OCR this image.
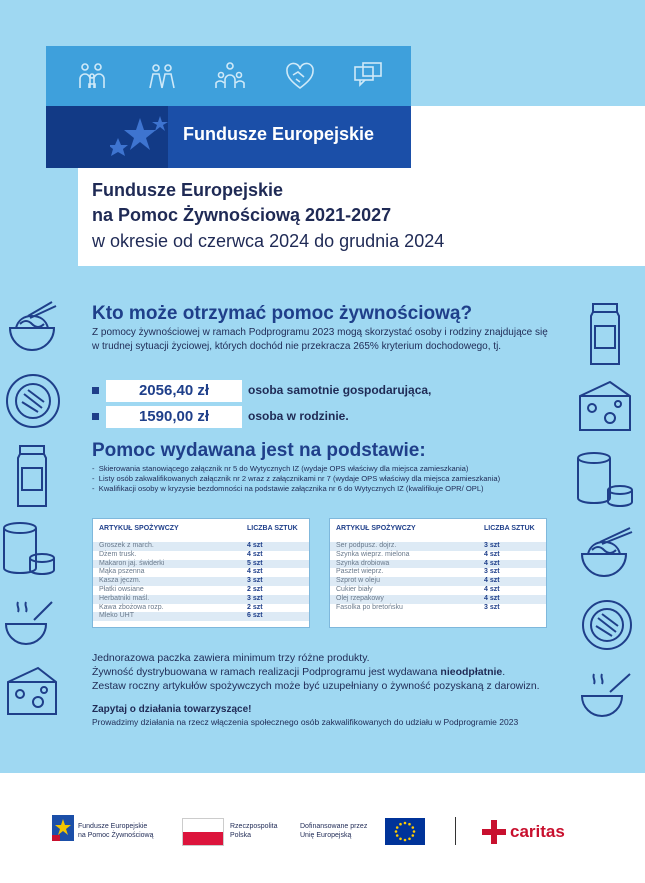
Fundusze Europejskie
Fundusze Europejskie
na Pomoc Żywnościową 2021-2027
w okresie od czerwca 2024 do grudnia 2024
Kto może otrzymać pomoc żywnościową?
Z pomocy żywnościowej w ramach Podprogramu 2023 mogą skorzystać osoby i rodziny znajdujące się w trudnej sytuacji życiowej, których dochód nie przekracza 265% kryterium dochodowego, tj.
2056,40 zł	osoba samotnie gospodarująca,
1590,00 zł	osoba w rodzinie.
Pomoc wydawana jest na podstawie:
-  Skierowania stanowiącego załącznik nr 5 do Wytycznych IZ (wydaje OPS właściwy dla miejsca zamieszkania)
-  Listy osób zakwalifikowanych załącznik nr 2 wraz z załącznikami nr 7 (wydaje OPS właściwy dla miejsca zamieszkania)
-  Kwalifikacji osoby w kryzysie bezdomności na podstawie załącznika nr 6 do Wytycznych IZ (kwalifikuje OPR/ OPL)
ARTYKUŁ SPOŻYWCZY	LICZBA SZTUK
Groszek z march.	4 szt
Dżem trusk.	4 szt
Makaron jaj. świderki	5 szt
Mąka pszenna	4 szt
Kasza jęczm.	3 szt
Płatki owsiane	2 szt
Herbatniki maśl.	3 szt
Kawa zbożowa rozp.	2 szt
Mleko UHT	6 szt
ARTYKUŁ SPOŻYWCZY	LICZBA SZTUK
Ser podpusz. dojrz.	3 szt
Szynka wieprz. mielona	4 szt
Szynka drobiowa	4 szt
Pasztet wieprz.	3 szt
Szprot w oleju	4 szt
Cukier biały	4 szt
Olej rzepakowy	4 szt
Fasolka po bretońsku	3 szt
Jednorazowa paczka zawiera minimum trzy różne produkty.
Żywność dystrybuowana w ramach realizacji Podprogramu jest wydawana nieodpłatnie.
Zestaw roczny artykułów spożywczych może być uzupełniany o żywność pozyskaną z darowizn.
Zapytaj o działania towarzyszące!
Prowadzimy działania na rzecz włączenia społecznego osób zakwalifikowanych do udziału w Podprogramie 2023
Fundusze Europejskie
na Pomoc Żywnościową
Rzeczpospolita
Polska
Dofinansowane przez
Unię Europejską	caritas
